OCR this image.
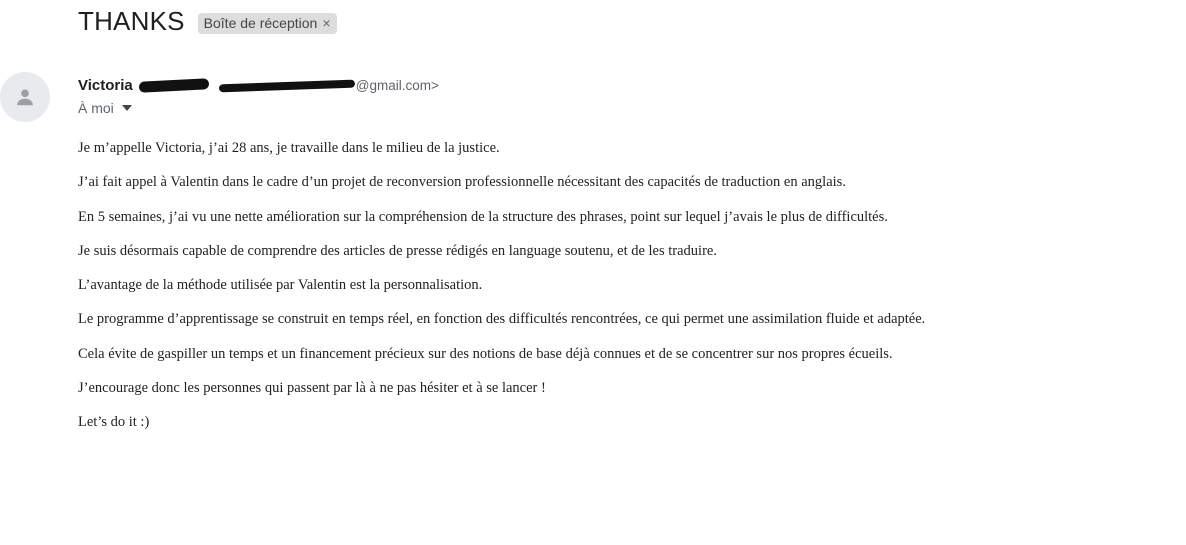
THANKS Boîte de réception ×
Victoria	@gmail.com>
À moi

Je m’appelle Victoria, j’ai 28 ans, je travaille dans le milieu de la justice.

J’ai fait appel à Valentin dans le cadre d’un projet de reconversion professionnelle nécessitant des capacités de traduction en anglais.

En 5 semaines, j’ai vu une nette amélioration sur la compréhension de la structure des phrases, point sur lequel j’avais le plus de difficultés.

Je suis désormais capable de comprendre des articles de presse rédigés en language soutenu, et de les traduire.

L’avantage de la méthode utilisée par Valentin est la personnalisation.

Le programme d’apprentissage se construit en temps réel, en fonction des difficultés rencontrées, ce qui permet une assimilation fluide et adaptée.

Cela évite de gaspiller un temps et un financement précieux sur des notions de base déjà connues et de se concentrer sur nos propres écueils.

J’encourage donc les personnes qui passent par là à ne pas hésiter et à se lancer !

Let’s do it :)
